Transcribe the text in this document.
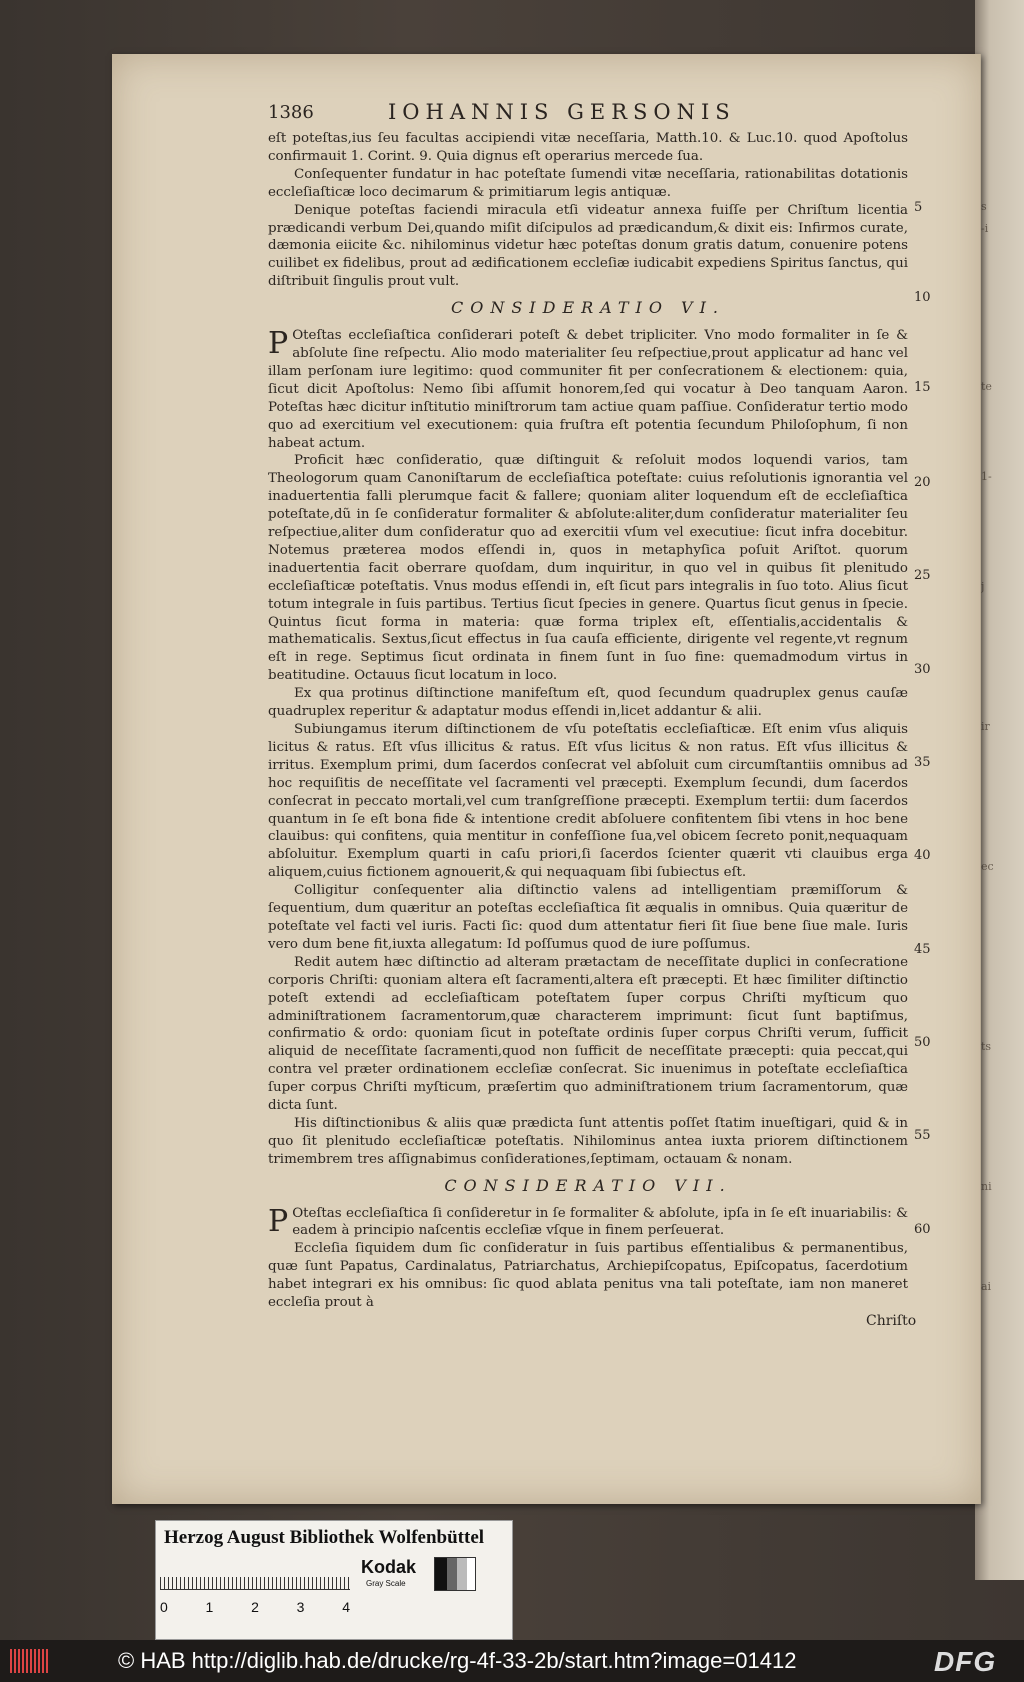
s
-i
te
1-
j
ir
ec
ts
ni
ai
1386	IOHANNIS GERSONIS

eſt poteſtas,ius ſeu facultas accipiendi vitæ neceſſaria, Matth.10. & Luc.10. quod Apoſtolus confirmauit 1. Corint. 9. Quia dignus eſt operarius mercede ſua.

Conſequenter fundatur in hac poteſtate ſumendi vitæ neceſſaria, rationabilitas dotationis eccleſiaſticæ loco decimarum & primitiarum legis antiquæ.

Denique poteſtas faciendi miracula etſi videatur annexa fuiſſe per Chriſtum licentia prædicandi verbum Dei,quando miſit diſcipulos ad prædicandum,& dixit eis: Infirmos curate, dæmonia eiicite &c. nihilominus videtur hæc poteſtas donum gratis datum, conuenire potens cuilibet ex fidelibus, prout ad ædificationem eccleſiæ iudicabit expediens Spiritus ſanctus, qui diſtribuit ſingulis prout vult.

CONSIDERATIO VI.

P Oteſtas eccleſiaſtica conſiderari poteſt & debet tripliciter. Vno modo formaliter in ſe & abſolute ſine reſpectu. Alio modo materialiter ſeu reſpectiue,prout applicatur ad hanc vel illam perſonam iure legitimo: quod communiter fit per conſecrationem & electionem: quia, ſicut dicit Apoſtolus: Nemo ſibi aſſumit honorem,ſed qui vocatur à Deo tanquam Aaron. Poteſtas hæc dicitur inſtitutio miniſtrorum tam actiue quam paſſiue. Conſideratur tertio modo quo ad exercitium vel executionem: quia fruſtra eſt potentia ſecundum Philoſophum, ſi non habeat actum.

Proficit hæc conſideratio, quæ diſtinguit & reſoluit modos loquendi varios, tam Theologorum quam Canoniſtarum de eccleſiaſtica poteſtate: cuius reſolutionis ignorantia vel inaduertentia falli plerumque facit & fallere; quoniam aliter loquendum eſt de eccleſiaſtica poteſtate,dũ in ſe conſideratur formaliter & abſolute:aliter,dum conſideratur materialiter ſeu reſpectiue,aliter dum conſideratur quo ad exercitii vſum vel executiue: ſicut infra docebitur. Notemus præterea modos eſſendi in, quos in metaphyſica poſuit Ariſtot. quorum inaduertentia facit oberrare quoſdam, dum inquiritur, in quo vel in quibus ſit plenitudo eccleſiaſticæ poteſtatis. Vnus modus eſſendi in, eſt ſicut pars integralis in ſuo toto. Alius ſicut totum integrale in ſuis partibus. Tertius ſicut ſpecies in genere. Quartus ſicut genus in ſpecie. Quintus ſicut forma in materia: quæ forma triplex eſt, eſſentialis,accidentalis & mathematicalis. Sextus,ſicut effectus in ſua cauſa efficiente, dirigente vel regente,vt regnum eſt in rege. Septimus ſicut ordinata in finem ſunt in ſuo fine: quemadmodum virtus in beatitudine. Octauus ſicut locatum in loco.

Ex qua protinus diſtinctione manifeſtum eſt, quod ſecundum quadruplex genus cauſæ quadruplex reperitur & adaptatur modus eſſendi in,licet addantur & alii.

Subiungamus iterum diſtinctionem de vſu poteſtatis eccleſiaſticæ. Eſt enim vſus aliquis licitus & ratus. Eſt vſus illicitus & ratus. Eſt vſus licitus & non ratus. Eſt vſus illicitus & irritus. Exemplum primi, dum ſacerdos conſecrat vel abſoluit cum circumſtantiis omnibus ad hoc requiſitis de neceſſitate vel ſacramenti vel præcepti. Exemplum ſecundi, dum ſacerdos conſecrat in peccato mortali,vel cum tranſgreſſione præcepti. Exemplum tertii: dum ſacerdos quantum in ſe eſt bona fide & intentione credit abſoluere confitentem ſibi vtens in hoc bene clauibus: qui confitens, quia mentitur in confeſſione ſua,vel obicem ſecreto ponit,nequaquam abſoluitur. Exemplum quarti in caſu priori,ſi ſacerdos ſcienter quærit vti clauibus erga aliquem,cuius fictionem agnouerit,& qui nequaquam ſibi ſubiectus eſt.

Colligitur conſequenter alia diſtinctio valens ad intelligentiam præmiſſorum & ſequentium, dum quæritur an poteſtas eccleſiaſtica ſit æqualis in omnibus. Quia quæritur de poteſtate vel facti vel iuris. Facti ſic: quod dum attentatur fieri ſit ſiue bene ſiue male. Iuris vero dum bene fit,iuxta allegatum: Id poſſumus quod de iure poſſumus.

Redit autem hæc diſtinctio ad alteram prætactam de neceſſitate duplici in conſecratione corporis Chriſti: quoniam altera eſt ſacramenti,altera eſt præcepti. Et hæc ſimiliter diſtinctio poteſt extendi ad eccleſiaſticam poteſtatem ſuper corpus Chriſti myſticum quo adminiſtrationem ſacramentorum,quæ characterem imprimunt: ſicut ſunt baptiſmus, confirmatio & ordo: quoniam ſicut in poteſtate ordinis ſuper corpus Chriſti verum, ſufficit aliquid de neceſſitate ſacramenti,quod non ſufficit de neceſſitate præcepti: quia peccat,qui contra vel præter ordinationem eccleſiæ conſecrat. Sic inuenimus in poteſtate eccleſiaſtica ſuper corpus Chriſti myſticum, præſertim quo adminiſtrationem trium ſacramentorum, quæ dicta ſunt.

His diſtinctionibus & aliis quæ prædicta ſunt attentis poſſet ſtatim inueſtigari, quid & in quo ſit plenitudo eccleſiaſticæ poteſtatis. Nihilominus antea iuxta priorem diſtinctionem trimembrem tres aſſignabimus conſiderationes,ſeptimam, octauam & nonam.

CONSIDERATIO VII.

P Oteſtas eccleſiaſtica ſi conſideretur in ſe formaliter & abſolute, ipſa in ſe eſt inuariabilis: & eadem à principio naſcentis eccleſiæ vſque in finem perſeuerat.

Eccleſia ſiquidem dum ſic conſideratur in ſuis partibus eſſentialibus & permanentibus, quæ ſunt Papatus, Cardinalatus, Patriarchatus, Archiepiſcopatus, Epiſcopatus, ſacerdotium habet integrari ex his omnibus: ſic quod ablata penitus vna tali poteſtate, iam non maneret eccleſia prout à

5
10
15
20
25
30
35
40
45
50
55
60
Chriſto
Herzog August Bibliothek Wolfenbüttel
0	1	2	3	4
Kodak
Gray Scale
© HAB http://diglib.hab.de/drucke/rg-4f-33-2b/start.htm?image=01412	DFG
